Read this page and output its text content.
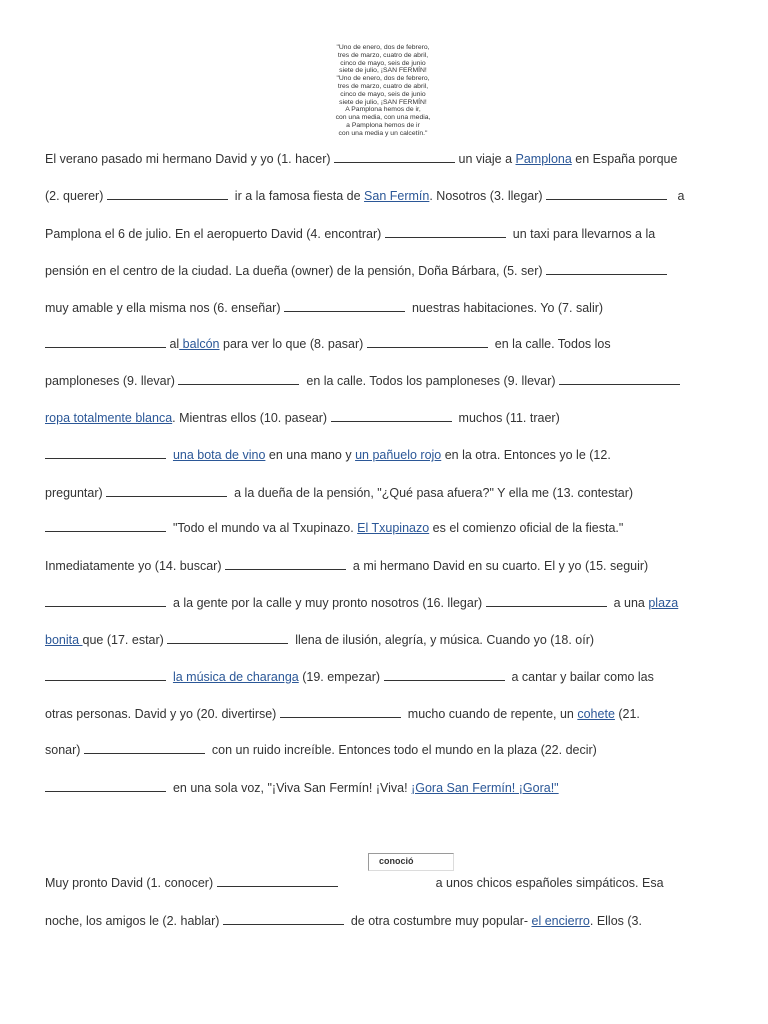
"Uno de enero, dos de febrero,
tres de marzo, cuatro de abril,
cinco de mayo, seis de junio
siete de julio, ¡SAN FERMÍN!
"Uno de enero, dos de febrero,
tres de marzo, cuatro de abril,
cinco de mayo, seis de junio
siete de julio, ¡SAN FERMÍN!
A Pamplona hemos de ir,
con una media, con una media,
a Pamplona hemos de ir
con una media y un calcetín."
El verano pasado mi hermano David y yo (1. hacer)	un viaje a Pamplona en España porque
(2. querer)	ir a la famosa fiesta de San Fermín. Nosotros (3. llegar)	a
Pamplona el 6 de julio. En el aeropuerto David (4. encontrar)	un taxi para llevarnos a la
pensión en el centro de la ciudad. La dueña (owner) de la pensión, Doña Bárbara, (5. ser)
muy amable y ella misma nos (6. enseñar)	nuestras habitaciones. Yo (7. salir)
al balcón para ver lo que (8. pasar)	en la calle. Todos los
pamploneses (9. llevar)	en la calle. Todos los pamploneses (9. llevar)
ropa totalmente blanca. Mientras ellos (10. pasear)	muchos (11. traer)
una bota de vino en una mano y un pañuelo rojo en la otra. Entonces yo le (12.
preguntar)	a la dueña de la pensión, "¿Qué pasa afuera?" Y ella me (13. contestar)
"Todo el mundo va al Txupinazo. El Txupinazo es el comienzo oficial de la fiesta."
Inmediatamente yo (14. buscar)	a mi hermano David en su cuarto. El y yo (15. seguir)
a la gente por la calle y muy pronto nosotros (16. llegar)	a una plaza
bonita que (17. estar)	llena de ilusión, alegría, y música. Cuando yo (18. oír)
la música de charanga (19. empezar)	a cantar y bailar como las
otras personas. David y yo (20. divertirse)	mucho cuando de repente, un cohete (21.
sonar)	con un ruido increíble. Entonces todo el mundo en la plaza (22. decir)
en una sola voz, "¡Viva San Fermín! ¡Viva! ¡Gora San Fermín! ¡Gora!"
conoció
Muy pronto David (1. conocer)	a unos chicos españoles simpáticos. Esa
noche, los amigos le (2. hablar)	de otra costumbre muy popular- el encierro. Ellos (3.
